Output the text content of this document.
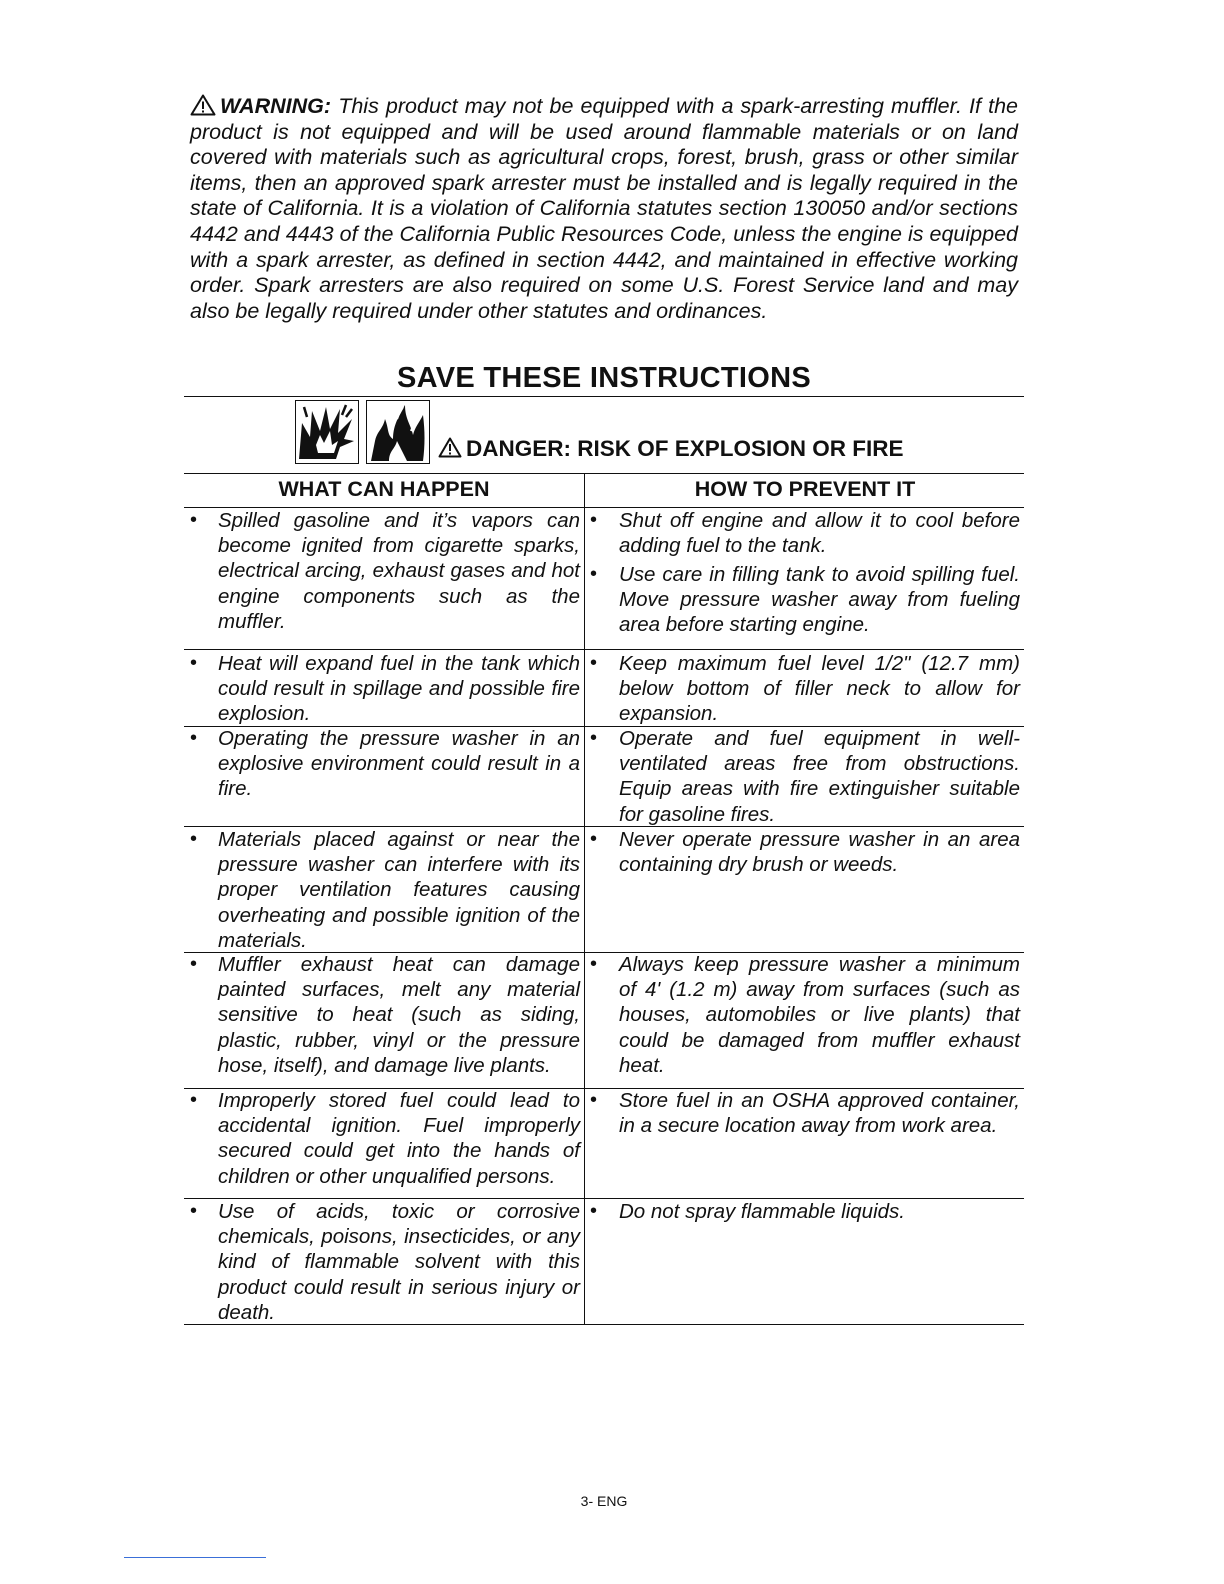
WARNING: This product may not be equipped with a spark-arresting muffler. If the product is not equipped and will be used around flammable materials or on land covered with materials such as agricultural crops, forest, brush, grass or other similar items, then an approved spark arrester must be installed and is legally required in the state of California. It is a violation of California statutes section 130050 and/or sections 4442 and 4443 of the California Public Resources Code, unless the engine is equipped with a spark arrester, as defined in section 4442, and maintained in effective working order. Spark arresters are also required on some U.S. Forest Service land and may also be legally required under other statutes and ordinances.
SAVE THESE INSTRUCTIONS
DANGER: RISK OF EXPLOSION OR FIRE
WHAT CAN HAPPEN	HOW TO PREVENT IT
• Spilled gasoline and it’s vapors can become ignited from cigarette sparks, electrical arcing, exhaust gases and hot engine components such as the muffler.
• Shut off engine and allow it to cool before adding fuel to the tank.
• Use care in filling tank to avoid spilling fuel. Move pressure washer away from fueling area before starting engine.
• Heat will expand fuel in the tank which could result in spillage and possible fire explosion.
• Keep maximum fuel level 1/2" (12.7 mm) below bottom of filler neck to allow for expansion.
• Operating the pressure washer in an explosive environment could result in a fire.
• Operate and fuel equipment in well-ventilated areas free from obstructions. Equip areas with fire extinguisher suitable for gasoline fires.
• Materials placed against or near the pressure washer can interfere with its proper ventilation features causing overheating and possible ignition of the materials.
• Never operate pressure washer in an area containing dry brush or weeds.
• Muffler exhaust heat can damage painted surfaces, melt any material sensitive to heat (such as siding, plastic, rubber, vinyl or the pressure hose, itself), and damage live plants.
• Always keep pressure washer a minimum of 4' (1.2 m) away from surfaces (such as houses, automobiles or live plants) that could be damaged from muffler exhaust heat.
• Improperly stored fuel could lead to accidental ignition. Fuel improperly secured could get into the hands of children or other unqualified persons.
• Store fuel in an OSHA approved container, in a secure location away from work area.
• Use of acids, toxic or corrosive chemicals, poisons, insecticides, or any kind of flammable solvent with this product could result in serious injury or death.
• Do not spray flammable liquids.
3- ENG
